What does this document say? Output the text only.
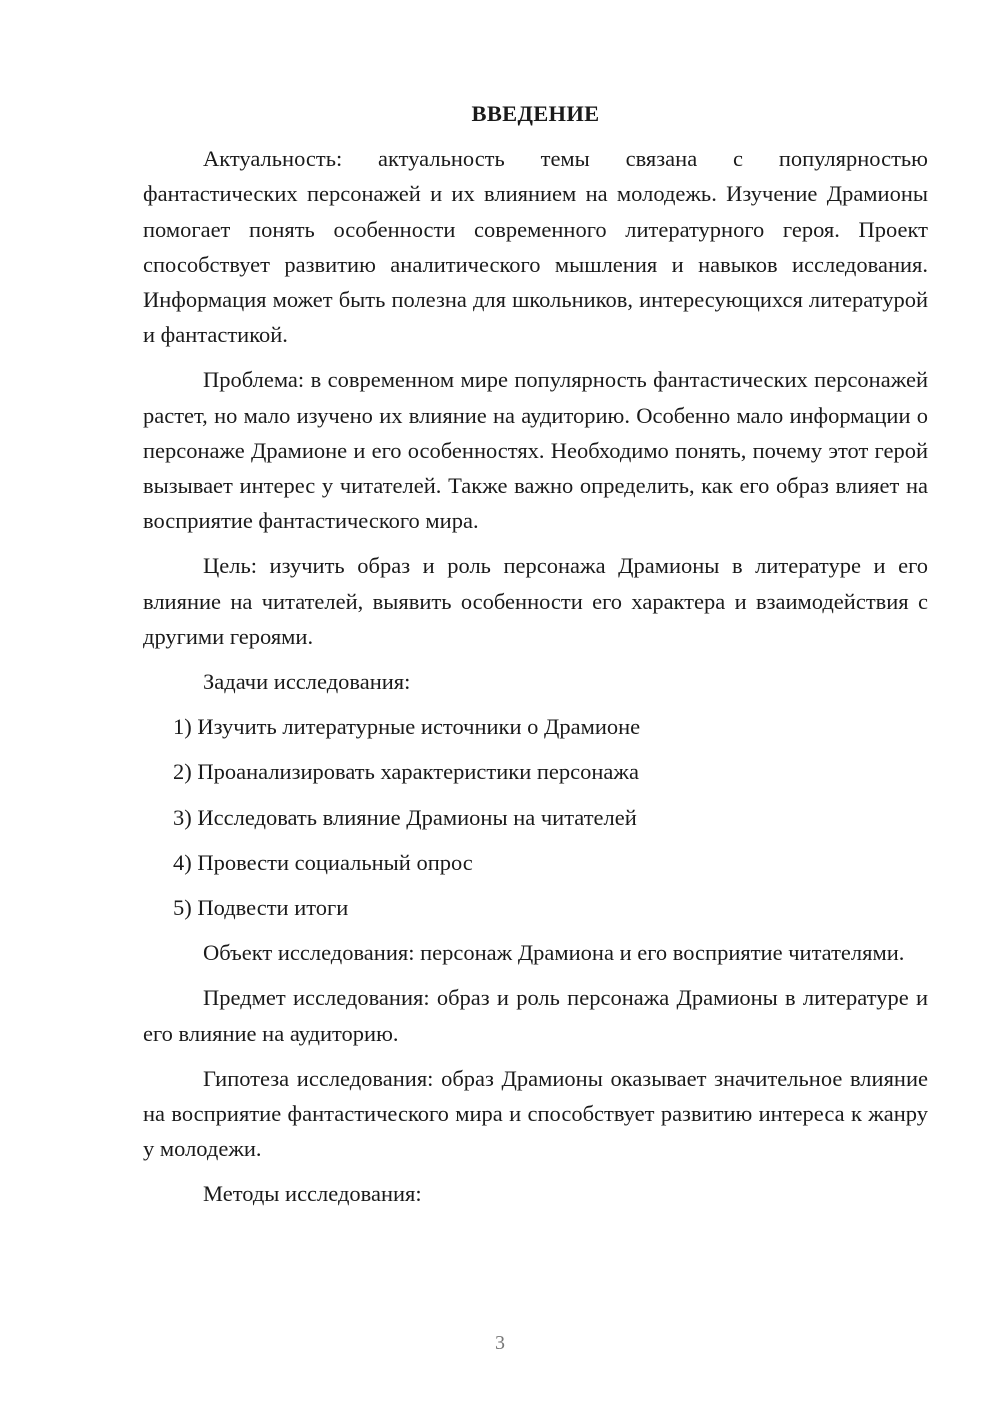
ВВЕДЕНИЕ

Актуальность: актуальность темы связана с популярностью фантастических персонажей и их влиянием на молодежь. Изучение Драмионы помогает понять особенности современного литературного героя. Проект способствует развитию аналитического мышления и навыков исследования. Информация может быть полезна для школьников, интересующихся литературой и фантастикой.

Проблема: в современном мире популярность фантастических персонажей растет, но мало изучено их влияние на аудиторию. Особенно мало информации о персонаже Драмионе и его особенностях. Необходимо понять, почему этот герой вызывает интерес у читателей. Также важно определить, как его образ влияет на восприятие фантастического мира.

Цель: изучить образ и роль персонажа Драмионы в литературе и его влияние на читателей, выявить особенности его характера и взаимодействия с другими героями.

Задачи исследования:

1) Изучить литературные источники о Драмионе
2) Проанализировать характеристики персонажа
3) Исследовать влияние Драмионы на читателей
4) Провести социальный опрос
5) Подвести итоги

Объект исследования: персонаж Драмиона и его восприятие читателями.

Предмет исследования: образ и роль персонажа Драмионы в литературе и его влияние на аудиторию.

Гипотеза исследования: образ Драмионы оказывает значительное влияние на восприятие фантастического мира и способствует развитию интереса к жанру у молодежи.

Методы исследования:

3
